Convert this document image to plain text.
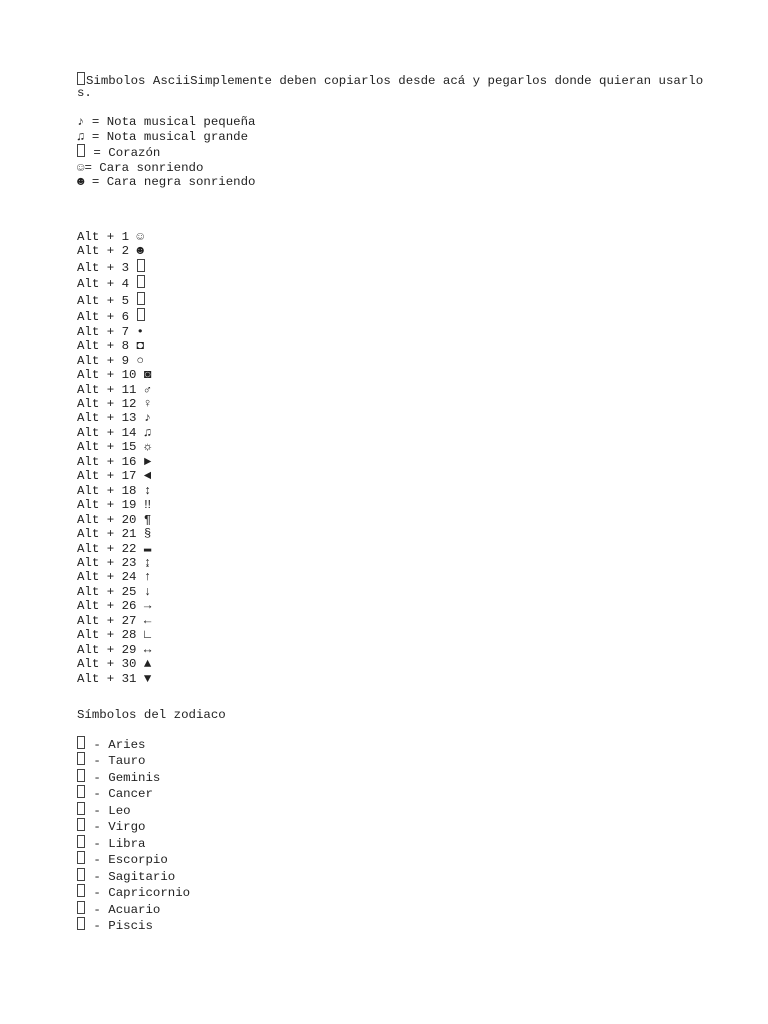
Simbolos AsciiSimplemente deben copiarlos desde acá y pegarlos donde quieran usarlo
s.
♪ = Nota musical pequeña
♫ = Nota musical grande
= Corazón
☺= Cara sonriendo
☻ = Cara negra sonriendo
Alt + 1 ☺
Alt + 2 ☻
Alt + 3
Alt + 4
Alt + 5
Alt + 6
Alt + 7 •
Alt + 8 ◘
Alt + 9 ○
Alt + 10 ◙
Alt + 11 ♂
Alt + 12 ♀
Alt + 13 ♪
Alt + 14 ♫
Alt + 15 ☼
Alt + 16 ►
Alt + 17 ◄
Alt + 18 ↕
Alt + 19 ‼
Alt + 20 ¶
Alt + 21 §
Alt + 22 ▬
Alt + 23 ↨
Alt + 24 ↑
Alt + 25 ↓
Alt + 26 →
Alt + 27 ←
Alt + 28 ∟
Alt + 29 ↔
Alt + 30 ▲
Alt + 31 ▼
Símbolos del zodiaco
- Aries
- Tauro
- Geminis
- Cancer
- Leo
- Virgo
- Libra
- Escorpio
- Sagitario
- Capricornio
- Acuario
- Piscis
